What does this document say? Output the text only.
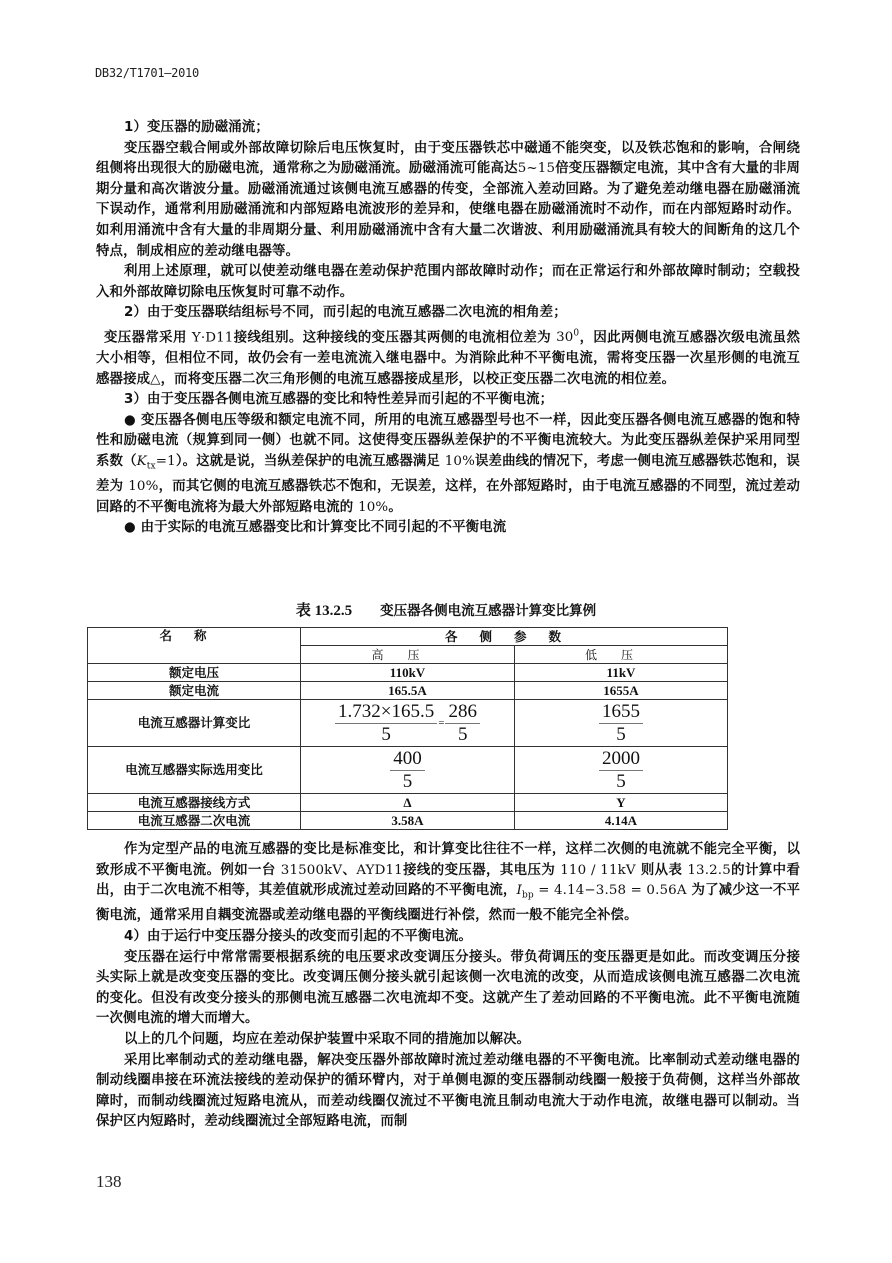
DB32/T1701—2010

1）变压器的励磁涌流；

变压器空载合闸或外部故障切除后电压恢复时，由于变压器铁芯中磁通不能突变，以及铁芯饱和的影响，合闸绕组侧将出现很大的励磁电流，通常称之为励磁涌流。励磁涌流可能高达5~15倍变压器额定电流，其中含有大量的非周期分量和高次谐波分量。励磁涌流通过该侧电流互感器的传变，全部流入差动回路。为了避免差动继电器在励磁涌流下误动作，通常利用励磁涌流和内部短路电流波形的差异和，使继电器在励磁涌流时不动作，而在内部短路时动作。如利用涌流中含有大量的非周期分量、利用励磁涌流中含有大量二次谐波、利用励磁涌流具有较大的间断角的这几个特点，制成相应的差动继电器等。

利用上述原理，就可以使差动继电器在差动保护范围内部故障时动作；而在正常运行和外部故障时制动；空载投入和外部故障切除电压恢复时可靠不动作。

2）由于变压器联结组标号不同，而引起的电流互感器二次电流的相角差；

变压器常采用 Y·D11接线组别。这种接线的变压器其两侧的电流相位差为 $30^0$，因此两侧电流互感器次级电流虽然大小相等，但相位不同，故仍会有一差电流流入继电器中。为消除此种不平衡电流，需将变压器一次星形侧的电流互感器接成△，而将变压器二次三角形侧的电流互感器接成星形，以校正变压器二次电流的相位差。

3）由于变压器各侧电流互感器的变比和特性差异而引起的不平衡电流；

● 变压器各侧电压等级和额定电流不同，所用的电流互感器型号也不一样，因此变压器各侧电流互感器的饱和特性和励磁电流（规算到同一侧）也就不同。这使得变压器纵差保护的不平衡电流较大。为此变压器纵差保护采用同型系数$(K_{tx}=1)$。这就是说，当纵差保护的电流互感器满足 10%误差曲线的情况下，考虑一侧电流互感器铁芯饱和，误差为 10%，而其它侧的电流互感器铁芯不饱和，无误差，这样，在外部短路时，由于电流互感器的不同型，流过差动回路的不平衡电流将为最大外部短路电流的 10%。

● 由于实际的电流互感器变比和计算变比不同引起的不平衡电流

表 13.2.5 变压器各侧电流互感器计算变比算例
名称	各侧参数	
	高压	低压
额定电压	110kV	11kV
额定电流	165.5A	1655A
电流互感器计算变比	$\frac{1.732\times 165.5}{5} = \frac{286}{5}$	$\frac{1655}{5}$

电流互感器实际选用变比	$\frac{400}{5}$	$\frac{2000}{5}$

电流互感器接线方式	Δ	Y
电流互感器二次电流	3.58A	4.14A

作为定型产品的电流互感器的变比是标准变比，和计算变比往往不一样，这样二次侧的电流就不能完全平衡，以致形成不平衡电流。例如一台 31500kV、AYD11接线的变压器，其电压为 110 / 11kV 则从表 13.2.5的计算中看出，由于二次电流不相等，其差值就形成流过差动回路的不平衡电流，$I_{bp} = 4.14-3.58 = 0.56A$ 为了减少这一不平衡电流，通常采用自耦变流器或差动继电器的平衡线圈进行补偿，然而一般不能完全补偿。

4）由于运行中变压器分接头的改变而引起的不平衡电流。

变压器在运行中常常需要根据系统的电压要求改变调压分接头。带负荷调压的变压器更是如此。而改变调压分接头实际上就是改变变压器的变比。改变调压侧分接头就引起该侧一次电流的改变，从而造成该侧电流互感器二次电流的变化。但没有改变分接头的那侧电流互感器二次电流却不变。这就产生了差动回路的不平衡电流。此不平衡电流随一次侧电流的增大而增大。

以上的几个问题，均应在差动保护装置中采取不同的措施加以解决。

采用比率制动式的差动继电器，解决变压器外部故障时流过差动继电器的不平衡电流。比率制动式差动继电器的制动线圈串接在环流法接线的差动保护的循环臂内，对于单侧电源的变压器制动线圈一般接于负荷侧，这样当外部故障时，而制动线圈流过短路电流从，而差动线圈仅流过不平衡电流且制动电流大于动作电流，故继电器可以制动。当保护区内短路时，差动线圈流过全部短路电流，而制

138
